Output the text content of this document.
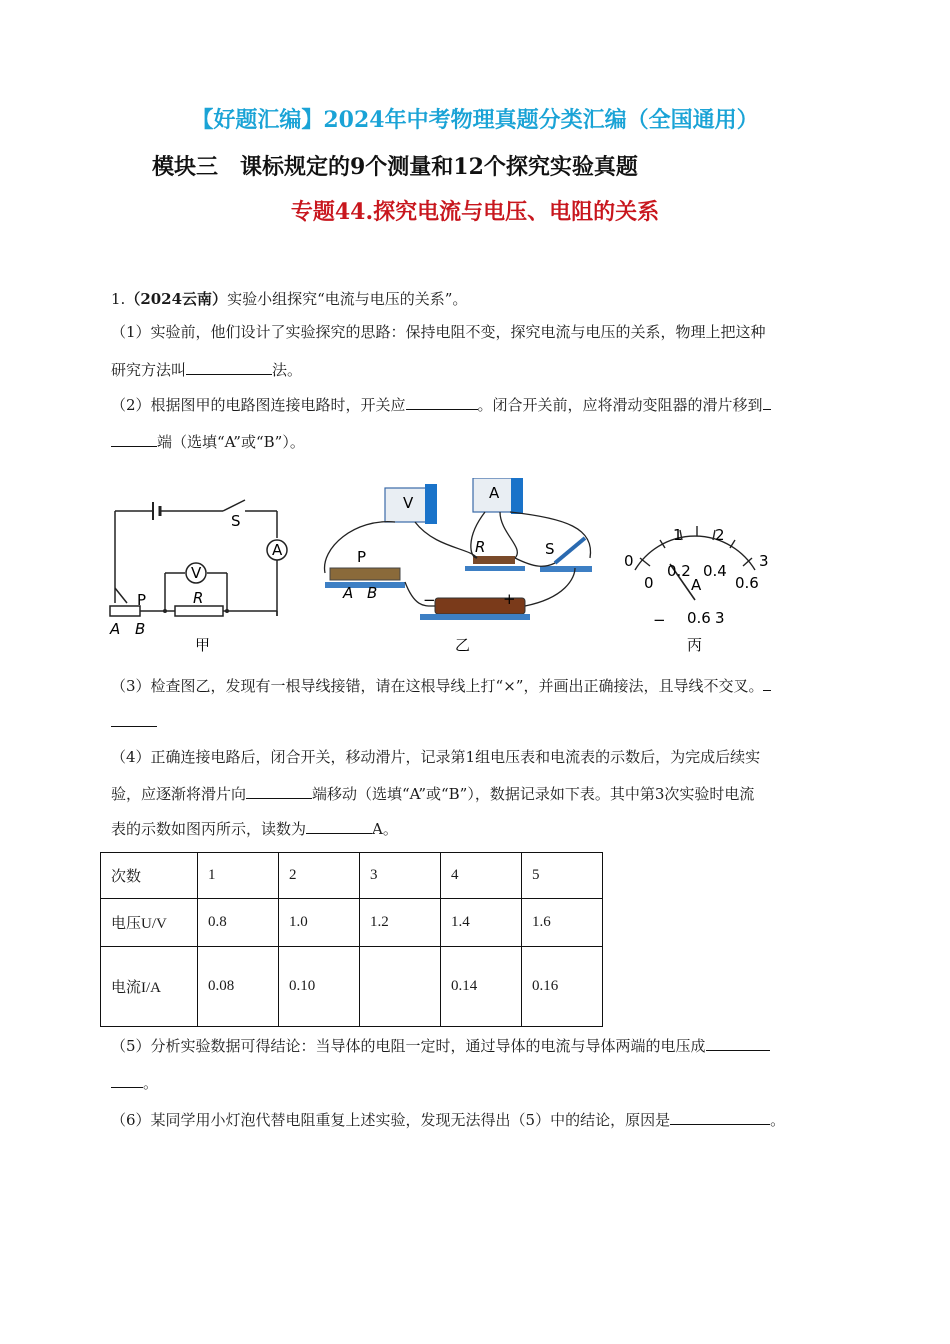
【好题汇编】2024年中考物理真题分类汇编（全国通用）
模块三　课标规定的9个测量和12个探究实验真题
专题44.探究电流与电压、电阻的关系
1.（2024云南）实验小组探究“电流与电压的关系”。
（1）实验前，他们设计了实验探究的思路：保持电阻不变，探究电流与电压的关系，物理上把这种
研究方法叫	法。
（2）根据图甲的电路图连接电路时，开关应	。闭合开关前，应将滑动变阻器的滑片移到
端（选填“A”或“B”）。
S
P
A B
R
V
A
甲
V
A
R	S
P
A B	−	+
乙
0
1 2
3
0
0.2 0.4
0.6
A
− 0.6 3
丙
（3）检查图乙，发现有一根导线接错，请在这根导线上打“×”，并画出正确接法，且导线不交叉。
（4）正确连接电路后，闭合开关，移动滑片，记录第1组电压表和电流表的示数后，为完成后续实
验，应逐渐将滑片向	端移动（选填“A”或“B”），数据记录如下表。其中第3次实验时电流
表的示数如图丙所示，读数为	A。
次数	1	2	3	4	5
电压U/V	0.8	1.0	1.2	1.4	1.6
电流I/A	0.08	0.10		0.14	0.16
（5）分析实验数据可得结论：当导体的电阻一定时，通过导体的电流与导体两端的电压成
。
（6）某同学用小灯泡代替电阻重复上述实验，发现无法得出（5）中的结论，原因是	。
